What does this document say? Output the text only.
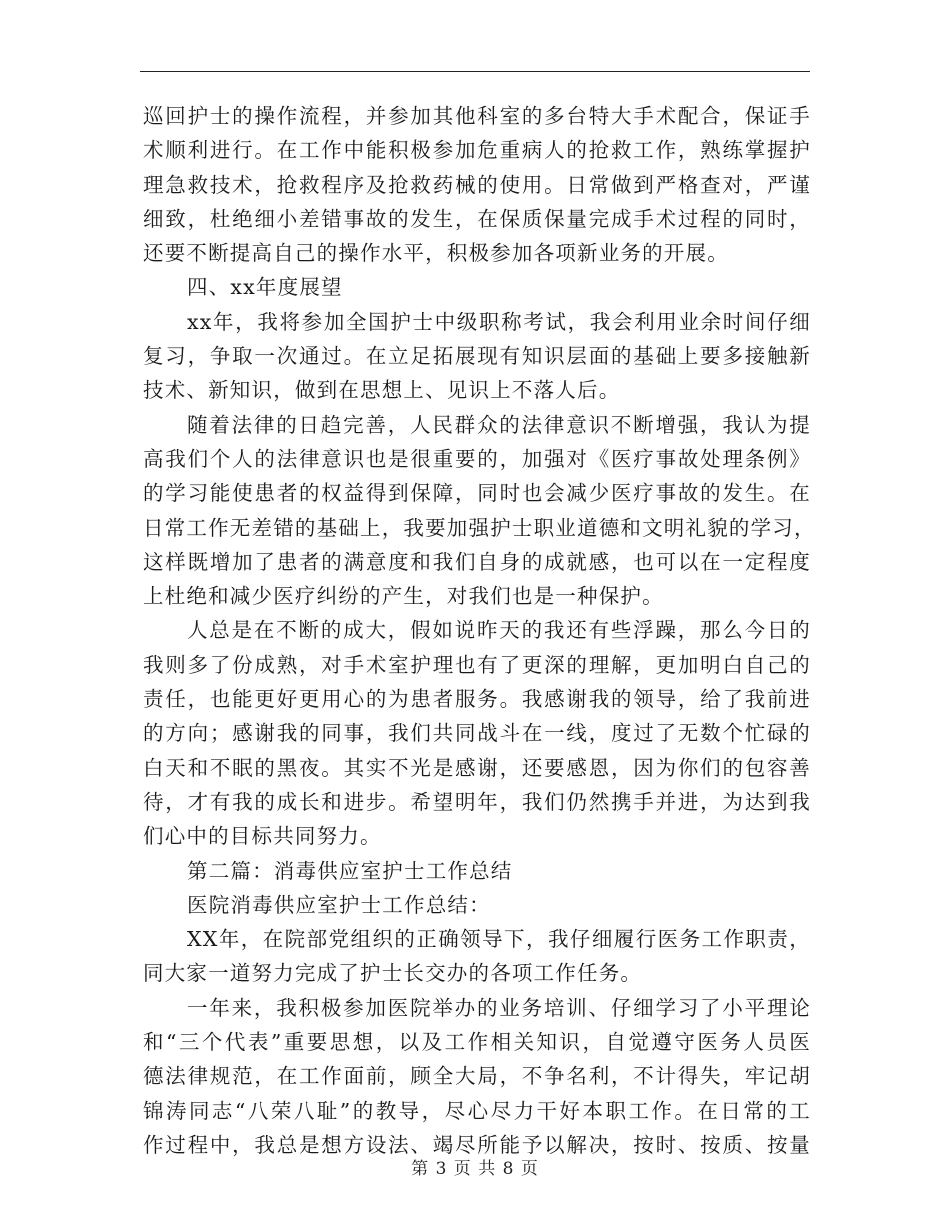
巡回护士的操作流程，并参加其他科室的多台特大手术配合，保证手
术顺利进行。在工作中能积极参加危重病人的抢救工作，熟练掌握护
理急救技术，抢救程序及抢救药械的使用。日常做到严格查对，严谨
细致，杜绝细小差错事故的发生，在保质保量完成手术过程的同时，
还要不断提高自己的操作水平，积极参加各项新业务的开展。
四、xx年度展望
xx年，我将参加全国护士中级职称考试，我会利用业余时间仔细
复习，争取一次通过。在立足拓展现有知识层面的基础上要多接触新
技术、新知识，做到在思想上、见识上不落人后。
随着法律的日趋完善，人民群众的法律意识不断增强，我认为提
高我们个人的法律意识也是很重要的，加强对《医疗事故处理条例》
的学习能使患者的权益得到保障，同时也会减少医疗事故的发生。在
日常工作无差错的基础上，我要加强护士职业道德和文明礼貌的学习，
这样既增加了患者的满意度和我们自身的成就感，也可以在一定程度
上杜绝和减少医疗纠纷的产生，对我们也是一种保护。
人总是在不断的成大，假如说昨天的我还有些浮躁，那么今日的
我则多了份成熟，对手术室护理也有了更深的理解，更加明白自己的
责任，也能更好更用心的为患者服务。我感谢我的领导，给了我前进
的方向；感谢我的同事，我们共同战斗在一线，度过了无数个忙碌的
白天和不眠的黑夜。其实不光是感谢，还要感恩，因为你们的包容善
待，才有我的成长和进步。希望明年，我们仍然携手并进，为达到我
们心中的目标共同努力。
第二篇：消毒供应室护士工作总结
医院消毒供应室护士工作总结：
XX年，在院部党组织的正确领导下，我仔细履行医务工作职责，
同大家一道努力完成了护士长交办的各项工作任务。
一年来，我积极参加医院举办的业务培训、仔细学习了小平理论
和“三个代表”重要思想，以及工作相关知识，自觉遵守医务人员医
德法律规范，在工作面前，顾全大局，不争名利，不计得失，牢记胡
锦涛同志“八荣八耻”的教导，尽心尽力干好本职工作。在日常的工
作过程中，我总是想方设法、竭尽所能予以解决，按时、按质、按量
第 3 页 共 8 页
